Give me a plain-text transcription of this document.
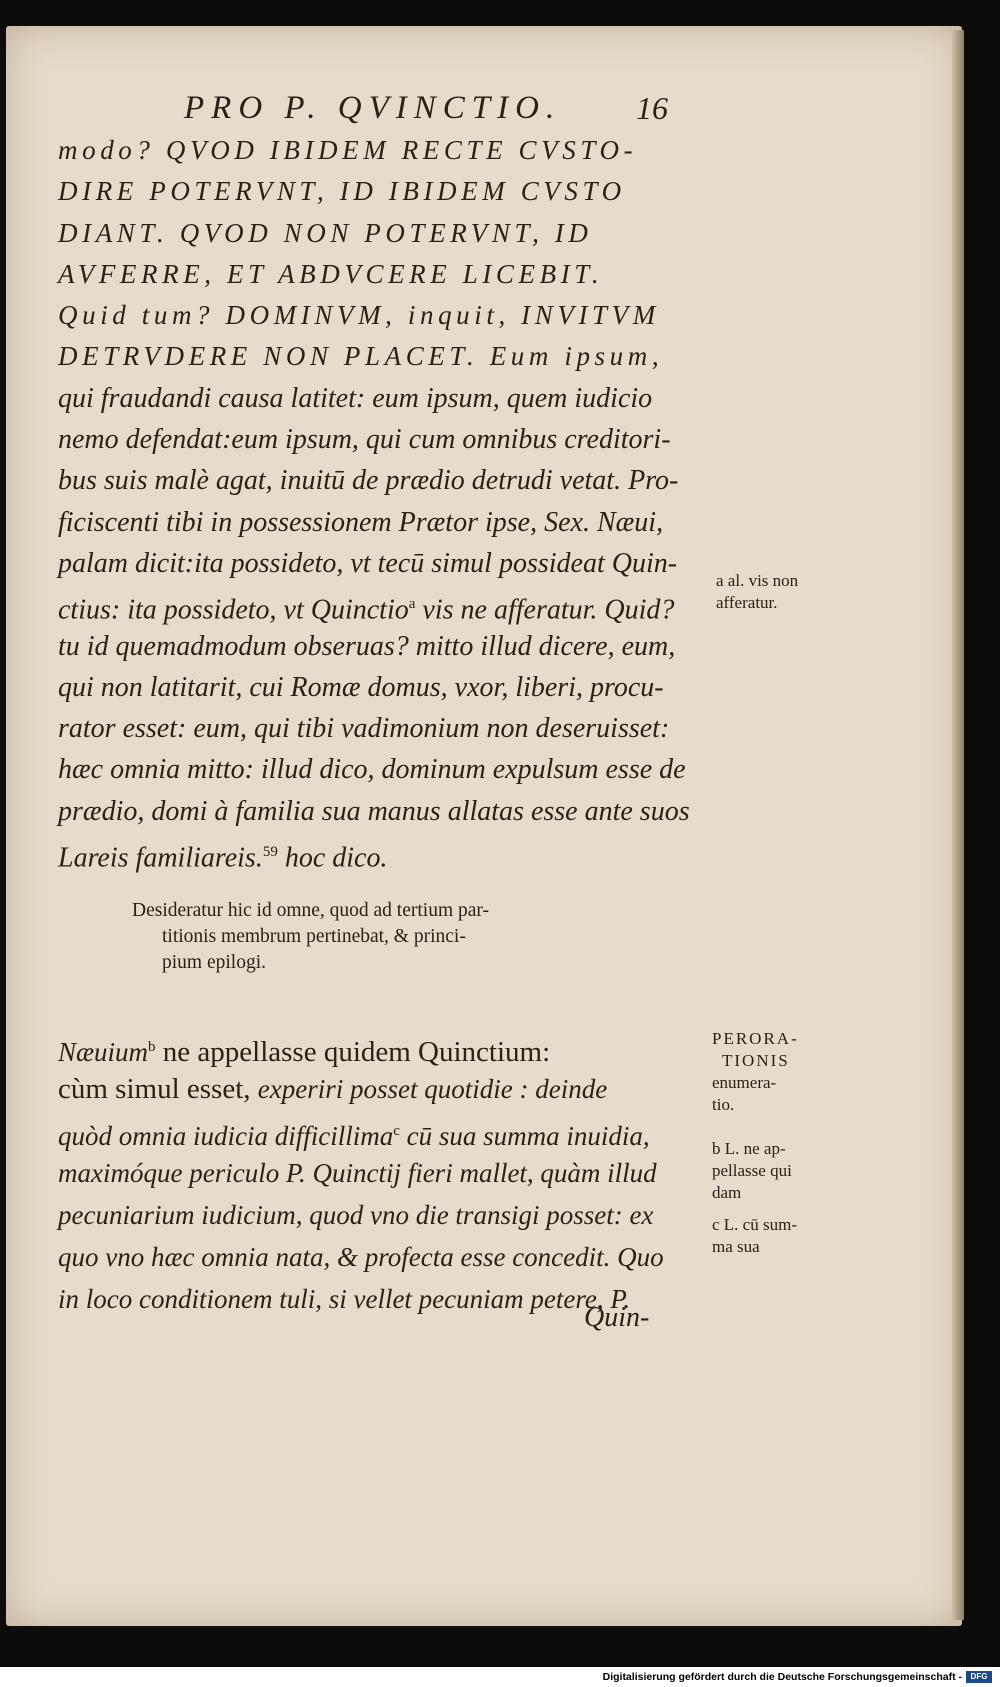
PRO P. QVINCTIO. 16
modo? QVOD IBIDEM RECTE CVSTO-
DIRE POTERVNT, ID IBIDEM CVSTO
DIANT. QVOD NON POTERVNT, ID
AVFERRE, ET ABDVCERE LICEBIT.
Quid tum? DOMINVM, inquit, INVITVM
DETRVDERE NON PLACET. Eum ipsum,
qui fraudandi causa latitet: eum ipsum, quem iudicio
nemo defendat:eum ipsum, qui cum omnibus creditori-
bus suis malè agat, inuitū de prædio detrudi vetat. Pro-
ficiscenti tibi in possessionem Prætor ipse, Sex. Næui,
palam dicit:ita possideto, vt tecū simul possideat Quin-
ctius: ita possideto, vt Quinctio$^a$ vis ne afferatur. Quid?
tu id quemadmodum obseruas? mitto illud dicere, eum,
qui non latitarit, cui Romæ domus, vxor, liberi, procu-
rator esset: eum, qui tibi vadimonium non deseruisset:
hæc omnia mitto: illud dico, dominum expulsum esse de
prædio, domi à familia sua manus allatas esse ante suos
Lareis familiareis.$^{59}$ hoc dico.
a al. vis non
afferatur.
Desideratur hic id omne, quod ad tertium par-
titionis membrum pertinebat, & princi-
pium epilogi.
Næuium$^b$ ne appellasse quidem Quinctium:
cùm simul esset, experiri posset quotidie : deinde
quòd omnia iudicia difficillima$^c$ cū sua summa inuidia,
maximóque periculo P. Quinctij fieri mallet, quàm illud
pecuniarium iudicium, quod vno die transigi posset: ex
quo vno hæc omnia nata, & profecta esse concedit. Quo
in loco conditionem tuli, si vellet pecuniam petere, P.
PERORA-
TIONIS
enumera-
tio.
b L. ne ap-
pellasse qui
dam
c L. cū sum-
ma sua
Quin-
Digitalisierung gefördert durch die Deutsche Forschungsgemeinschaft -	DFG
